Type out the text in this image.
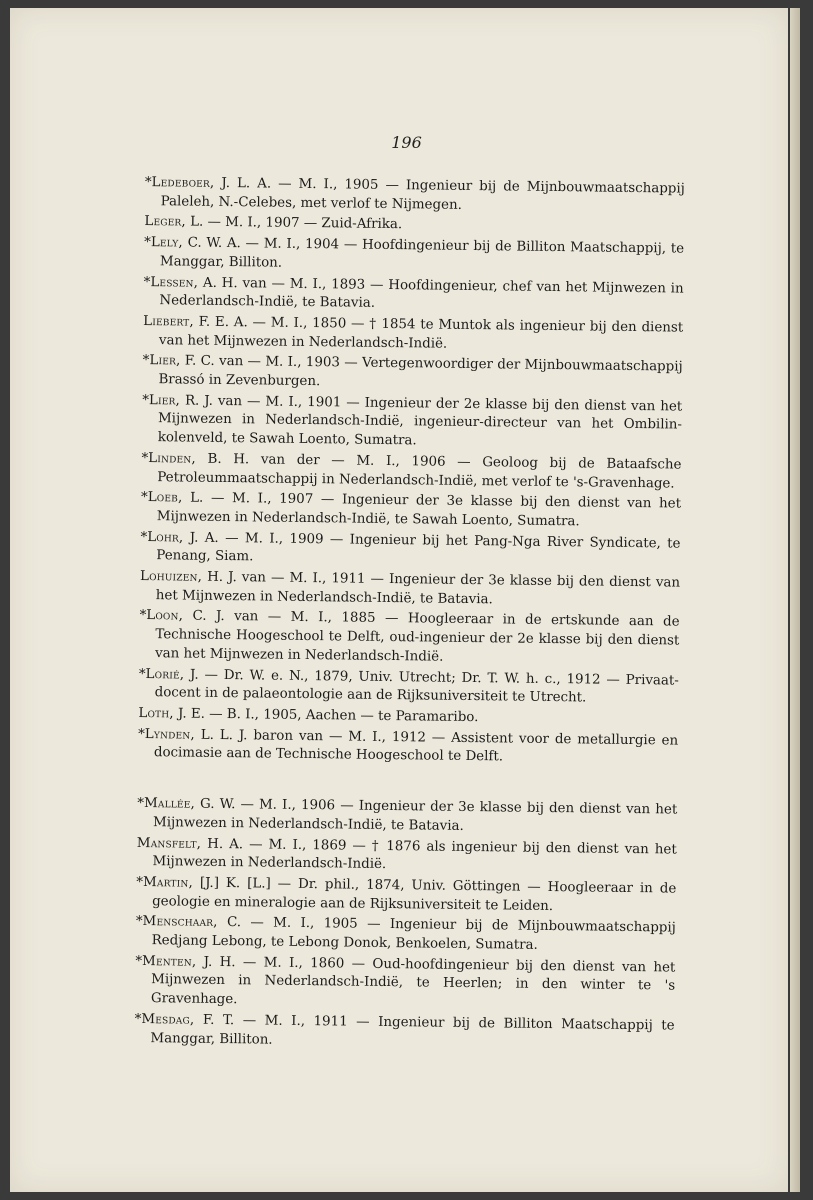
196

*Ledeboer, J. L. A. — M. I., 1905 — Ingenieur bij de Mijnbouwmaatschappij Paleleh, N.-Celebes, met verlof te Nijmegen.

Leger, L. — M. I., 1907 — Zuid-Afrika.

*Lely, C. W. A. — M. I., 1904 — Hoofdingenieur bij de Billiton Maatschappij, te Manggar, Billiton.

*Lessen, A. H. van — M. I., 1893 — Hoofdingenieur, chef van het Mijnwezen in Nederlandsch-Indië, te Batavia.

Liebert, F. E. A. — M. I., 1850 — † 1854 te Muntok als ingenieur bij den dienst van het Mijnwezen in Nederlandsch-Indië.

*Lier, F. C. van — M. I., 1903 — Vertegenwoordiger der Mijnbouwmaatschappij Brassó in Zevenburgen.

*Lier, R. J. van — M. I., 1901 — Ingenieur der 2e klasse bij den dienst van het Mijnwezen in Nederlandsch-Indië, ingenieur-directeur van het Ombilin-kolenveld, te Sawah Loento, Sumatra.

*Linden, B. H. van der — M. I., 1906 — Geoloog bij de Bataafsche Petroleummaatschappij in Nederlandsch-Indië, met verlof te 's-Gravenhage.

*Loeb, L. — M. I., 1907 — Ingenieur der 3e klasse bij den dienst van het Mijnwezen in Nederlandsch-Indië, te Sawah Loento, Sumatra.

*Lohr, J. A. — M. I., 1909 — Ingenieur bij het Pang-Nga River Syndicate, te Penang, Siam.

Lohuizen, H. J. van — M. I., 1911 — Ingenieur der 3e klasse bij den dienst van het Mijnwezen in Nederlandsch-Indië, te Batavia.

*Loon, C. J. van — M. I., 1885 — Hoogleeraar in de ertskunde aan de Technische Hoogeschool te Delft, oud-ingenieur der 2e klasse bij den dienst van het Mijnwezen in Nederlandsch-Indië.

*Lorié, J. — Dr. W. e. N., 1879, Univ. Utrecht; Dr. T. W. h. c., 1912 — Privaat-docent in de palaeontologie aan de Rijksuniversiteit te Utrecht.

Loth, J. E. — B. I., 1905, Aachen — te Paramaribo.

*Lynden, L. L. J. baron van — M. I., 1912 — Assistent voor de metallurgie en docimasie aan de Technische Hoogeschool te Delft.

*Mallée, G. W. — M. I., 1906 — Ingenieur der 3e klasse bij den dienst van het Mijnwezen in Nederlandsch-Indië, te Batavia.

Mansfelt, H. A. — M. I., 1869 — † 1876 als ingenieur bij den dienst van het Mijnwezen in Nederlandsch-Indië.

*Martin, [J.] K. [L.] — Dr. phil., 1874, Univ. Göttingen — Hoogleeraar in de geologie en mineralogie aan de Rijksuniversiteit te Leiden.

*Menschaar, C. — M. I., 1905 — Ingenieur bij de Mijnbouwmaatschappij Redjang Lebong, te Lebong Donok, Benkoelen, Sumatra.

*Menten, J. H. — M. I., 1860 — Oud-hoofdingenieur bij den dienst van het Mijnwezen in Nederlandsch-Indië, te Heerlen; in den winter te 's Gravenhage.

*Mesdag, F. T. — M. I., 1911 — Ingenieur bij de Billiton Maatschappij te Manggar, Billiton.
